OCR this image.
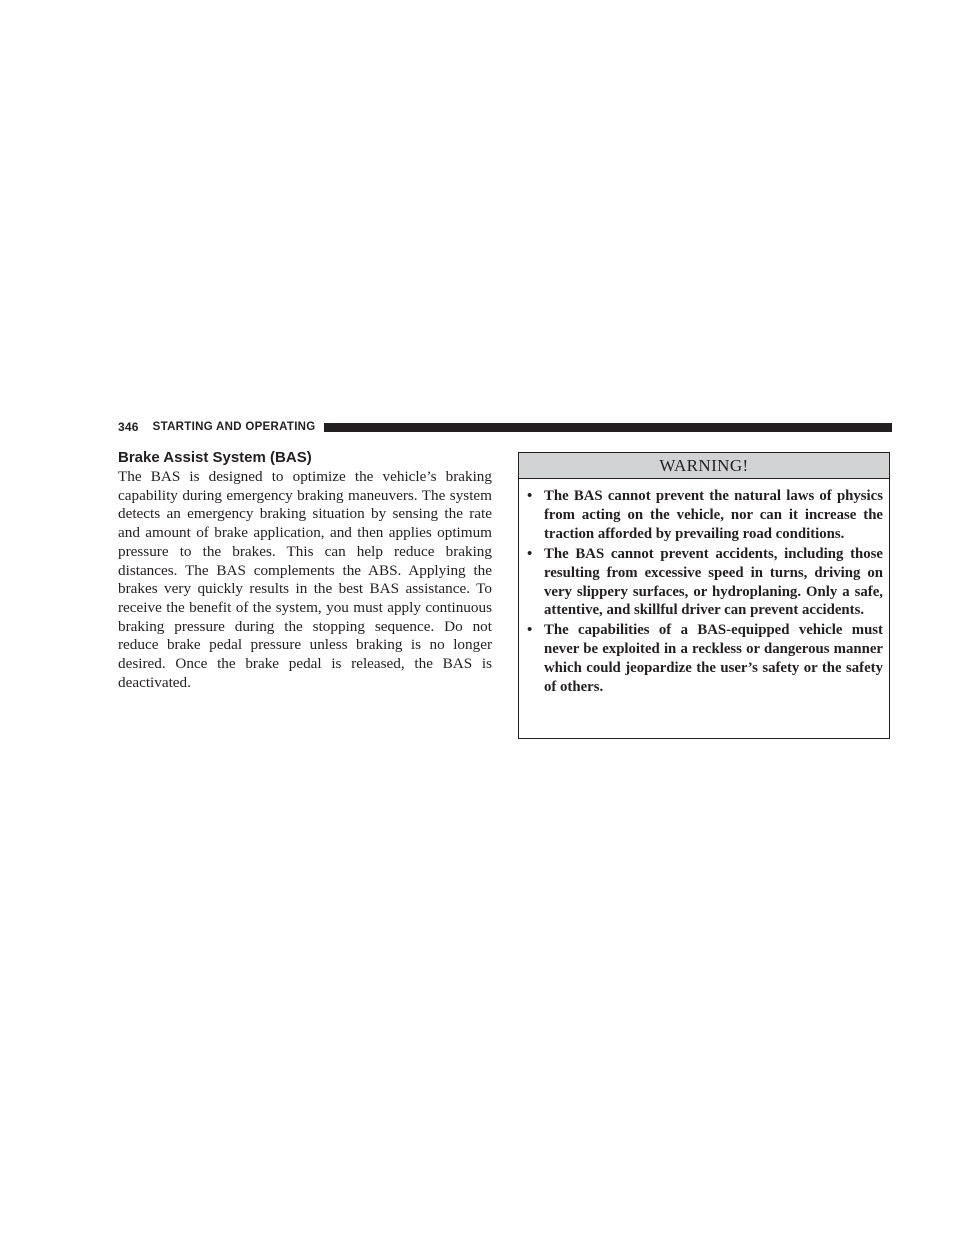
346 STARTING AND OPERATING
Brake Assist System (BAS)

The BAS is designed to optimize the vehicle’s braking capability during emergency braking maneuvers. The system detects an emergency braking situation by sensing the rate and amount of brake application, and then applies optimum pressure to the brakes. This can help reduce braking distances. The BAS complements the ABS. Applying the brakes very quickly results in the best BAS assistance. To receive the benefit of the system, you must apply continuous braking pressure during the stopping sequence. Do not reduce brake pedal pressure unless braking is no longer desired. Once the brake pedal is released, the BAS is deactivated.

WARNING!
• The BAS cannot prevent the natural laws of physics from acting on the vehicle, nor can it increase the traction afforded by prevailing road conditions.
• The BAS cannot prevent accidents, including those resulting from excessive speed in turns, driving on very slippery surfaces, or hydroplaning. Only a safe, attentive, and skillful driver can prevent accidents.
• The capabilities of a BAS-equipped vehicle must never be exploited in a reckless or dangerous manner which could jeopardize the user’s safety or the safety of others.
